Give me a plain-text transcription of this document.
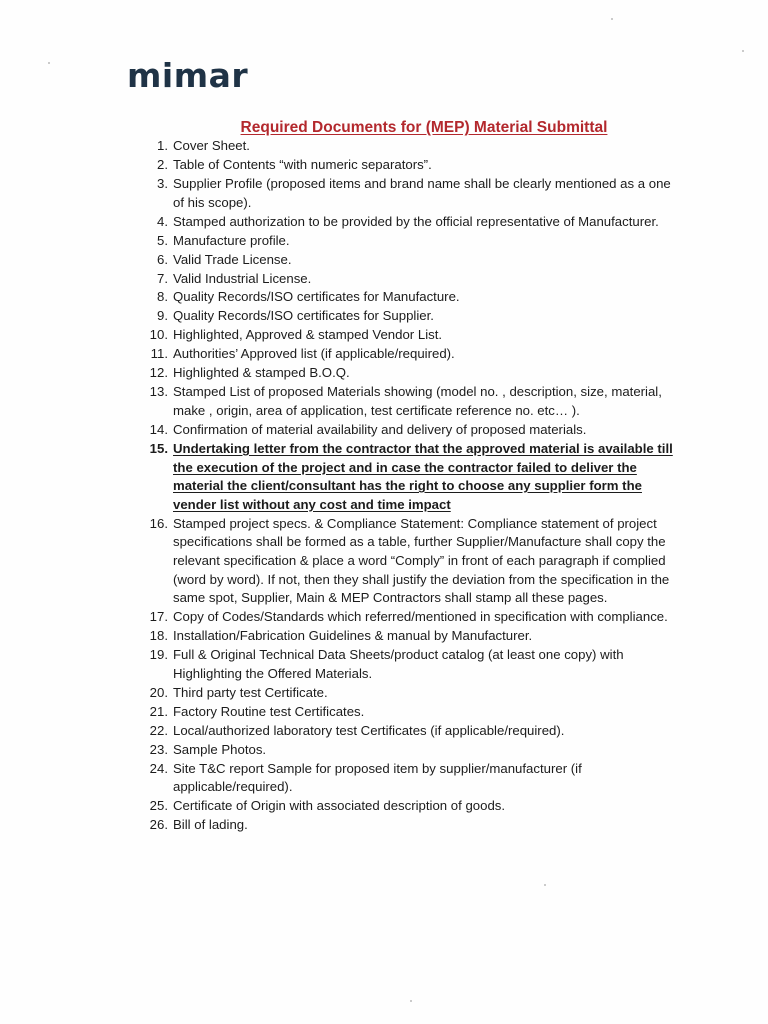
mimar
Required Documents for (MEP) Material Submittal
1. Cover Sheet.
2. Table of Contents “with numeric separators”.
3. Supplier Profile (proposed items and brand name shall be clearly mentioned as a one of his scope).
4. Stamped authorization to be provided by the official representative of Manufacturer.
5. Manufacture profile.
6. Valid Trade License.
7. Valid Industrial License.
8. Quality Records/ISO certificates for Manufacture.
9. Quality Records/ISO certificates for Supplier.
10. Highlighted, Approved & stamped Vendor List.
11. Authorities’ Approved list (if applicable/required).
12. Highlighted & stamped B.O.Q.
13. Stamped List of proposed Materials showing (model no. , description, size, material, make , origin, area of application, test certificate reference no. etc… ).
14. Confirmation of material availability and delivery of proposed materials.
15. Undertaking letter from the contractor that the approved material is available till the execution of the project and in case the contractor failed to deliver the material the client/consultant has the right to choose any supplier form the vender list without any cost and time impact
16. Stamped project specs. & Compliance Statement: Compliance statement of project specifications shall be formed as a table, further Supplier/Manufacture shall copy the relevant specification & place a word “Comply” in front of each paragraph if complied (word by word). If not, then they shall justify the deviation from the specification in the same spot, Supplier, Main & MEP Contractors shall stamp all these pages.
17. Copy of Codes/Standards which referred/mentioned in specification with compliance.
18. Installation/Fabrication Guidelines & manual by Manufacturer.
19. Full & Original Technical Data Sheets/product catalog (at least one copy) with Highlighting the Offered Materials.
20. Third party test Certificate.
21. Factory Routine test Certificates.
22. Local/authorized laboratory test Certificates (if applicable/required).
23. Sample Photos.
24. Site T&C report Sample for proposed item by supplier/manufacturer (if applicable/required).
25. Certificate of Origin with associated description of goods.
26. Bill of lading.
